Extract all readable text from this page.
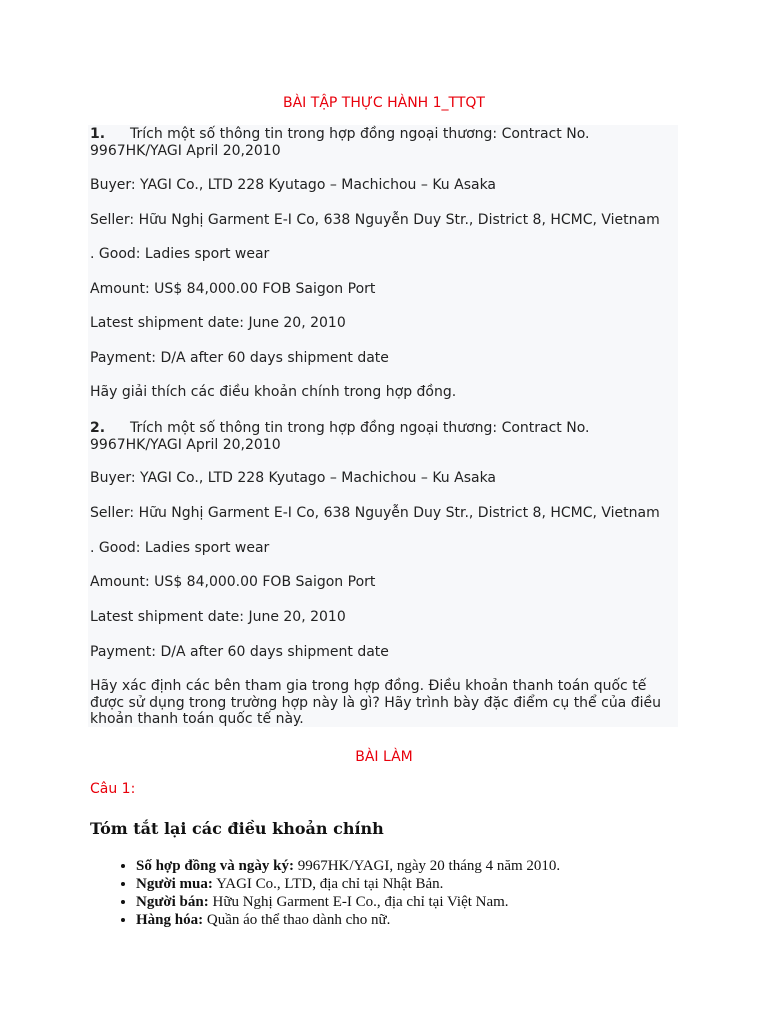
BÀI TẬP THỰC HÀNH 1_TTQT

1. Trích một số thông tin trong hợp đồng ngoại thương: Contract No. 9967HK/YAGI April 20,2010

Buyer: YAGI Co., LTD 228 Kyutago – Machichou – Ku Asaka

Seller: Hữu Nghị Garment E-I Co, 638 Nguyễn Duy Str., District 8, HCMC, Vietnam

. Good: Ladies sport wear

Amount: US$ 84,000.00 FOB Saigon Port

Latest shipment date: June 20, 2010

Payment: D/A after 60 days shipment date

Hãy giải thích các điều khoản chính trong hợp đồng.

2. Trích một số thông tin trong hợp đồng ngoại thương: Contract No. 9967HK/YAGI April 20,2010

Buyer: YAGI Co., LTD 228 Kyutago – Machichou – Ku Asaka

Seller: Hữu Nghị Garment E-I Co, 638 Nguyễn Duy Str., District 8, HCMC, Vietnam

. Good: Ladies sport wear

Amount: US$ 84,000.00 FOB Saigon Port

Latest shipment date: June 20, 2010

Payment: D/A after 60 days shipment date

Hãy xác định các bên tham gia trong hợp đồng. Điều khoản thanh toán quốc tế được sử dụng trong trường hợp này là gì? Hãy trình bày đặc điểm cụ thể của điều khoản thanh toán quốc tế này.

BÀI LÀM
Câu 1:
Tóm tắt lại các điều khoản chính
• Số hợp đồng và ngày ký: 9967HK/YAGI, ngày 20 tháng 4 năm 2010.
• Người mua: YAGI Co., LTD, địa chỉ tại Nhật Bản.
• Người bán: Hữu Nghị Garment E-I Co., địa chỉ tại Việt Nam.
• Hàng hóa: Quần áo thể thao dành cho nữ.
